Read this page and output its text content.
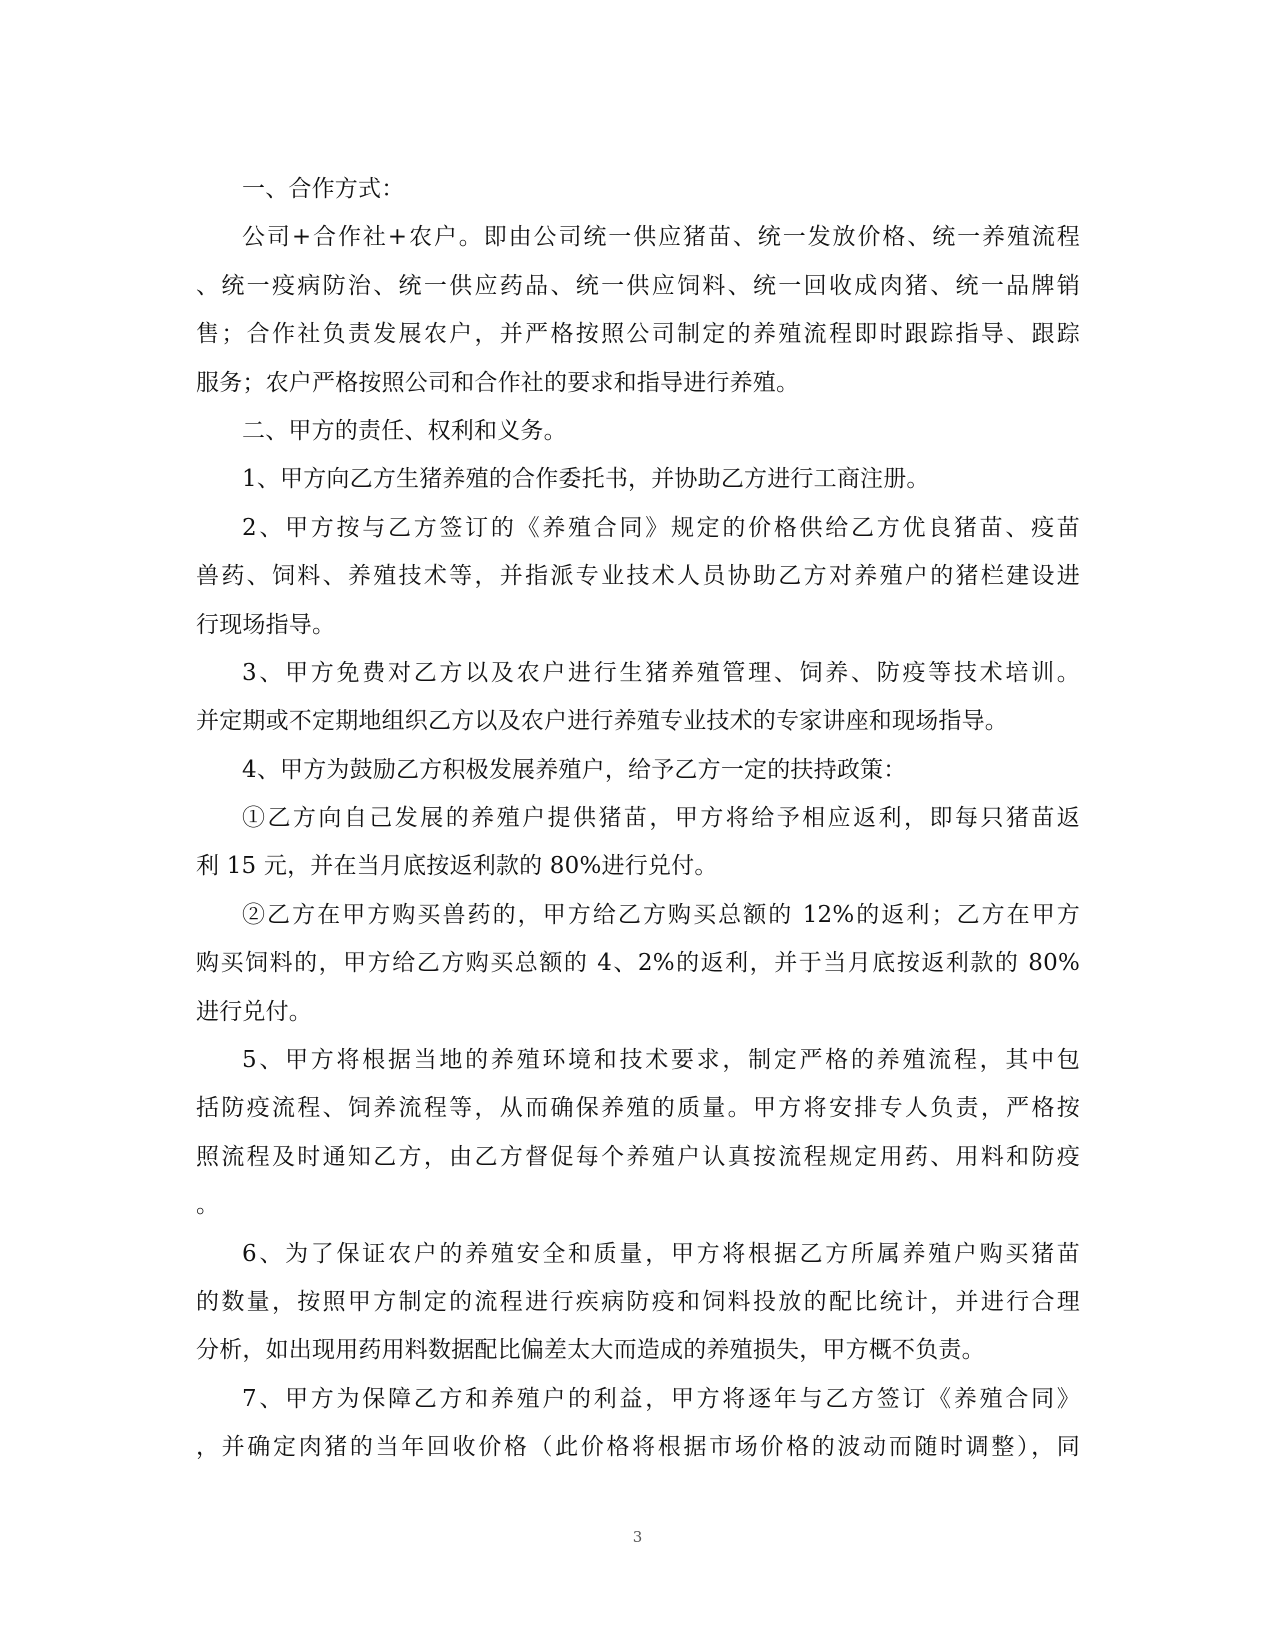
一、合作方式：
公司+合作社+农户。即由公司统一供应猪苗、统一发放价格、统一养殖流程
、统一疫病防治、统一供应药品、统一供应饲料、统一回收成肉猪、统一品牌销
售；合作社负责发展农户，并严格按照公司制定的养殖流程即时跟踪指导、跟踪
服务；农户严格按照公司和合作社的要求和指导进行养殖。
二、甲方的责任、权利和义务。
1、甲方向乙方生猪养殖的合作委托书，并协助乙方进行工商注册。
2、甲方按与乙方签订的《养殖合同》规定的价格供给乙方优良猪苗、疫苗
兽药、饲料、养殖技术等，并指派专业技术人员协助乙方对养殖户的猪栏建设进
行现场指导。
3、甲方免费对乙方以及农户进行生猪养殖管理、饲养、防疫等技术培训。
并定期或不定期地组织乙方以及农户进行养殖专业技术的专家讲座和现场指导。
4、甲方为鼓励乙方积极发展养殖户，给予乙方一定的扶持政策：
①乙方向自己发展的养殖户提供猪苗，甲方将给予相应返利，即每只猪苗返
利 15 元，并在当月底按返利款的 80%进行兑付。
②乙方在甲方购买兽药的，甲方给乙方购买总额的 12%的返利；乙方在甲方
购买饲料的，甲方给乙方购买总额的 4、2%的返利，并于当月底按返利款的 80%
进行兑付。
5、甲方将根据当地的养殖环境和技术要求，制定严格的养殖流程，其中包
括防疫流程、饲养流程等，从而确保养殖的质量。甲方将安排专人负责，严格按
照流程及时通知乙方，由乙方督促每个养殖户认真按流程规定用药、用料和防疫
。
6、为了保证农户的养殖安全和质量，甲方将根据乙方所属养殖户购买猪苗
的数量，按照甲方制定的流程进行疾病防疫和饲料投放的配比统计，并进行合理
分析，如出现用药用料数据配比偏差太大而造成的养殖损失，甲方概不负责。
7、甲方为保障乙方和养殖户的利益，甲方将逐年与乙方签订《养殖合同》
，并确定肉猪的当年回收价格（此价格将根据市场价格的波动而随时调整），同
3
